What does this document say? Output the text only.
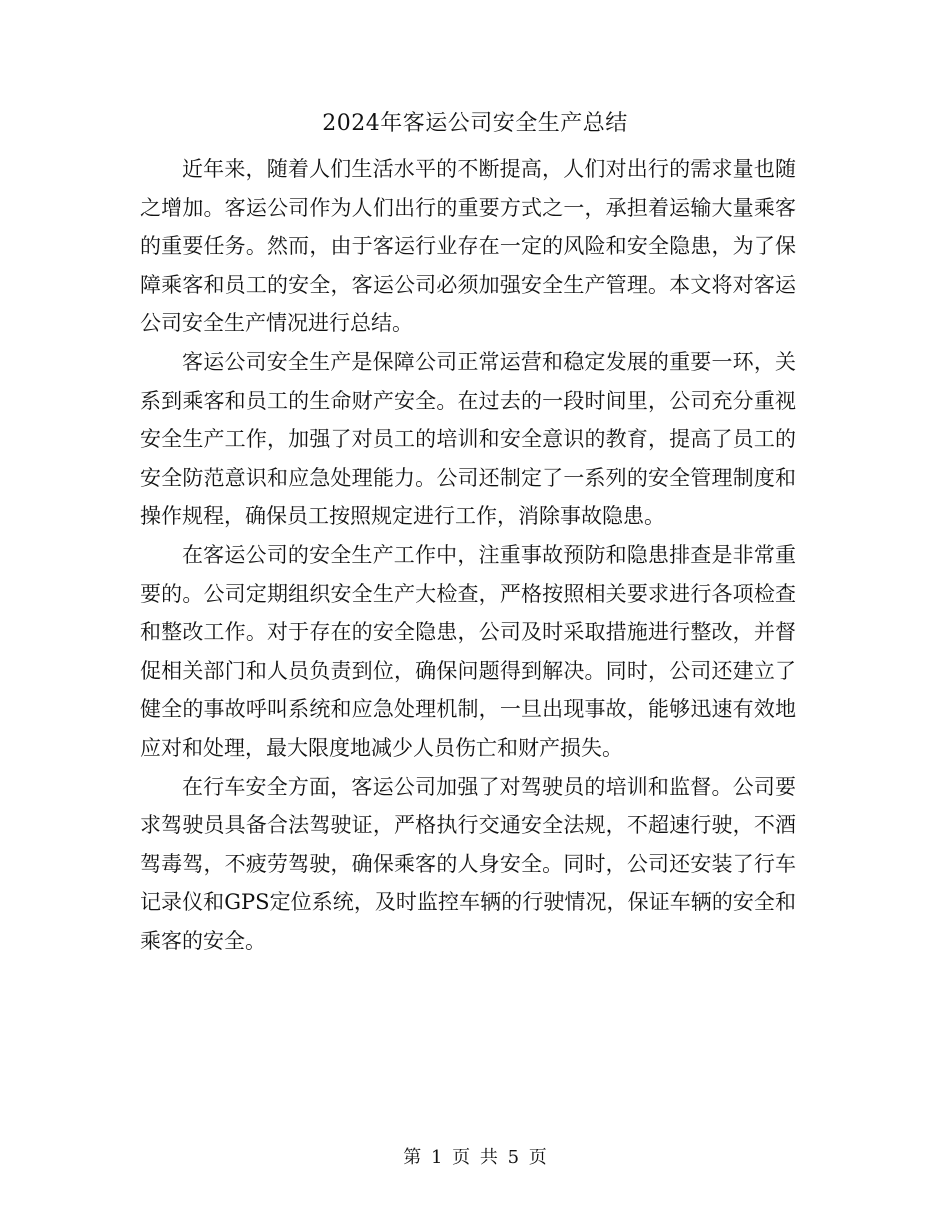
2024年客运公司安全生产总结

近年来，随着人们生活水平的不断提高，人们对出行的需求量也随之增加。客运公司作为人们出行的重要方式之一，承担着运输大量乘客的重要任务。然而，由于客运行业存在一定的风险和安全隐患，为了保障乘客和员工的安全，客运公司必须加强安全生产管理。本文将对客运公司安全生产情况进行总结。

客运公司安全生产是保障公司正常运营和稳定发展的重要一环，关系到乘客和员工的生命财产安全。在过去的一段时间里，公司充分重视安全生产工作，加强了对员工的培训和安全意识的教育，提高了员工的安全防范意识和应急处理能力。公司还制定了一系列的安全管理制度和操作规程，确保员工按照规定进行工作，消除事故隐患。

在客运公司的安全生产工作中，注重事故预防和隐患排查是非常重要的。公司定期组织安全生产大检查，严格按照相关要求进行各项检查和整改工作。对于存在的安全隐患，公司及时采取措施进行整改，并督促相关部门和人员负责到位，确保问题得到解决。同时，公司还建立了健全的事故呼叫系统和应急处理机制，一旦出现事故，能够迅速有效地应对和处理，最大限度地减少人员伤亡和财产损失。

在行车安全方面，客运公司加强了对驾驶员的培训和监督。公司要求驾驶员具备合法驾驶证，严格执行交通安全法规，不超速行驶，不酒驾毒驾，不疲劳驾驶，确保乘客的人身安全。同时，公司还安装了行车记录仪和GPS定位系统，及时监控车辆的行驶情况，保证车辆的安全和乘客的安全。

第 1 页 共 5 页
